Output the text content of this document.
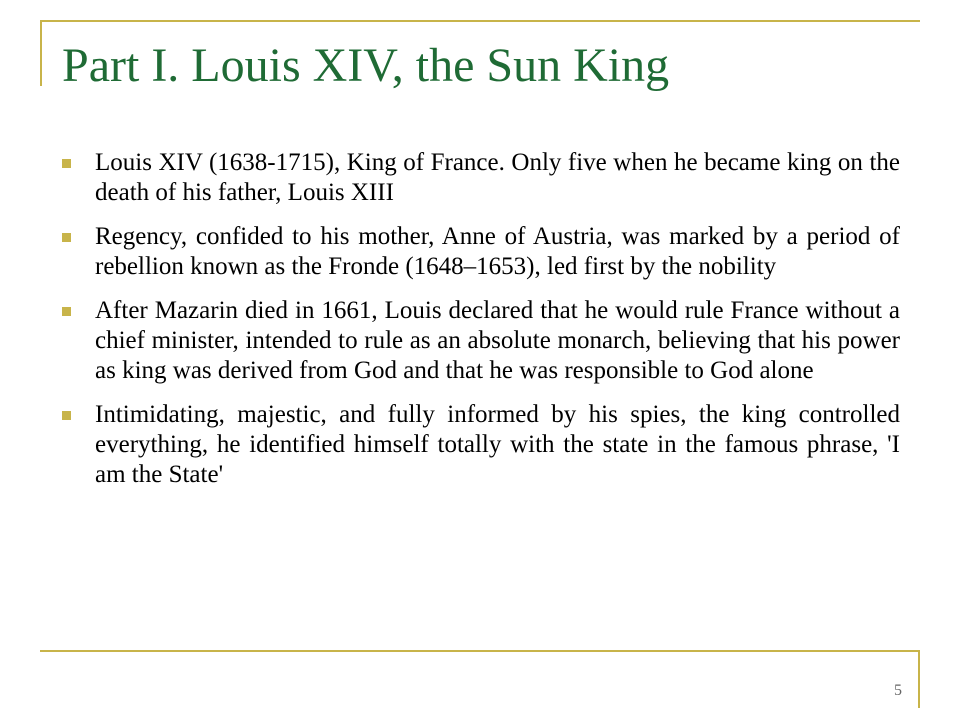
Part I. Louis XIV, the Sun King
Louis XIV (1638-1715), King of France. Only five when he became king on the death of his father, Louis XIII
Regency, confided to his mother, Anne of Austria, was marked by a period of rebellion known as the Fronde (1648–1653), led first by the nobility
After Mazarin died in 1661, Louis declared that he would rule France without a chief minister, intended to rule as an absolute monarch, believing that his power as king was derived from God and that he was responsible to God alone
Intimidating, majestic, and fully informed by his spies, the king controlled everything, he identified himself totally with the state in the famous phrase, 'I am the State'
5
